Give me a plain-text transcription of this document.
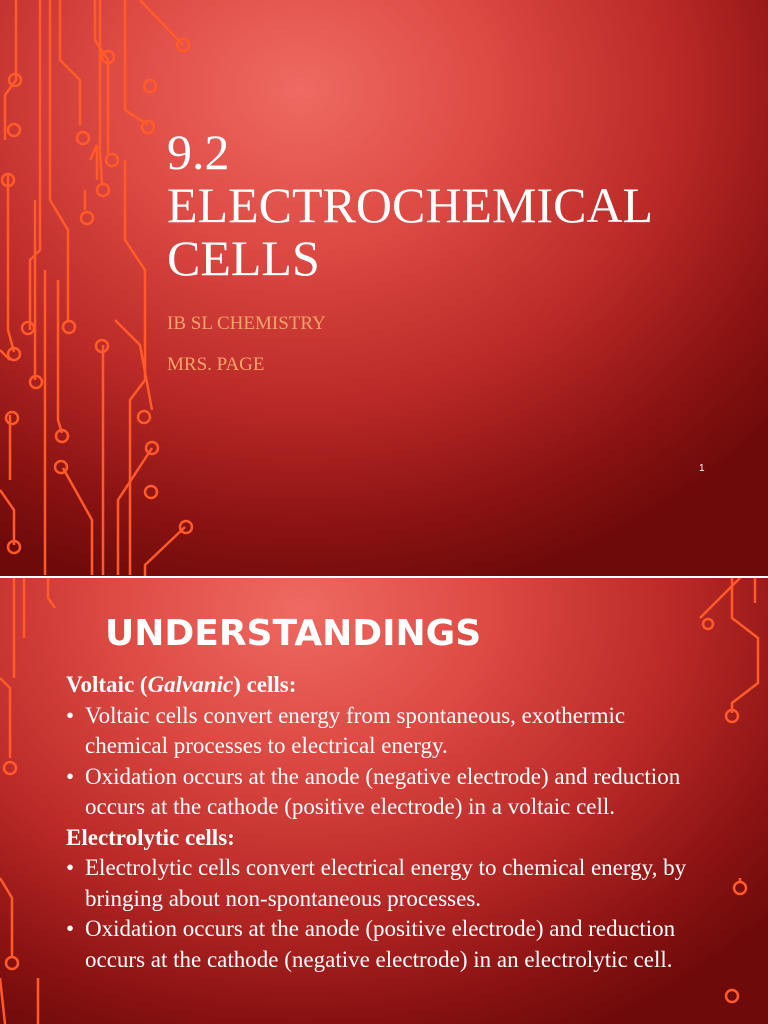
9.2
ELECTROCHEMICAL
CELLS

IB SL CHEMISTRY

MRS. PAGE

1
UNDERSTANDINGS

Voltaic (Galvanic) cells:

• Voltaic cells convert energy from spontaneous, exothermic chemical processes to electrical energy.
• Oxidation occurs at the anode (negative electrode) and reduction occurs at the cathode (positive electrode) in a voltaic cell.

Electrolytic cells:

• Electrolytic cells convert electrical energy to chemical energy, by bringing about non-spontaneous processes.
• Oxidation occurs at the anode (positive electrode) and reduction occurs at the cathode (negative electrode) in an electrolytic cell.
